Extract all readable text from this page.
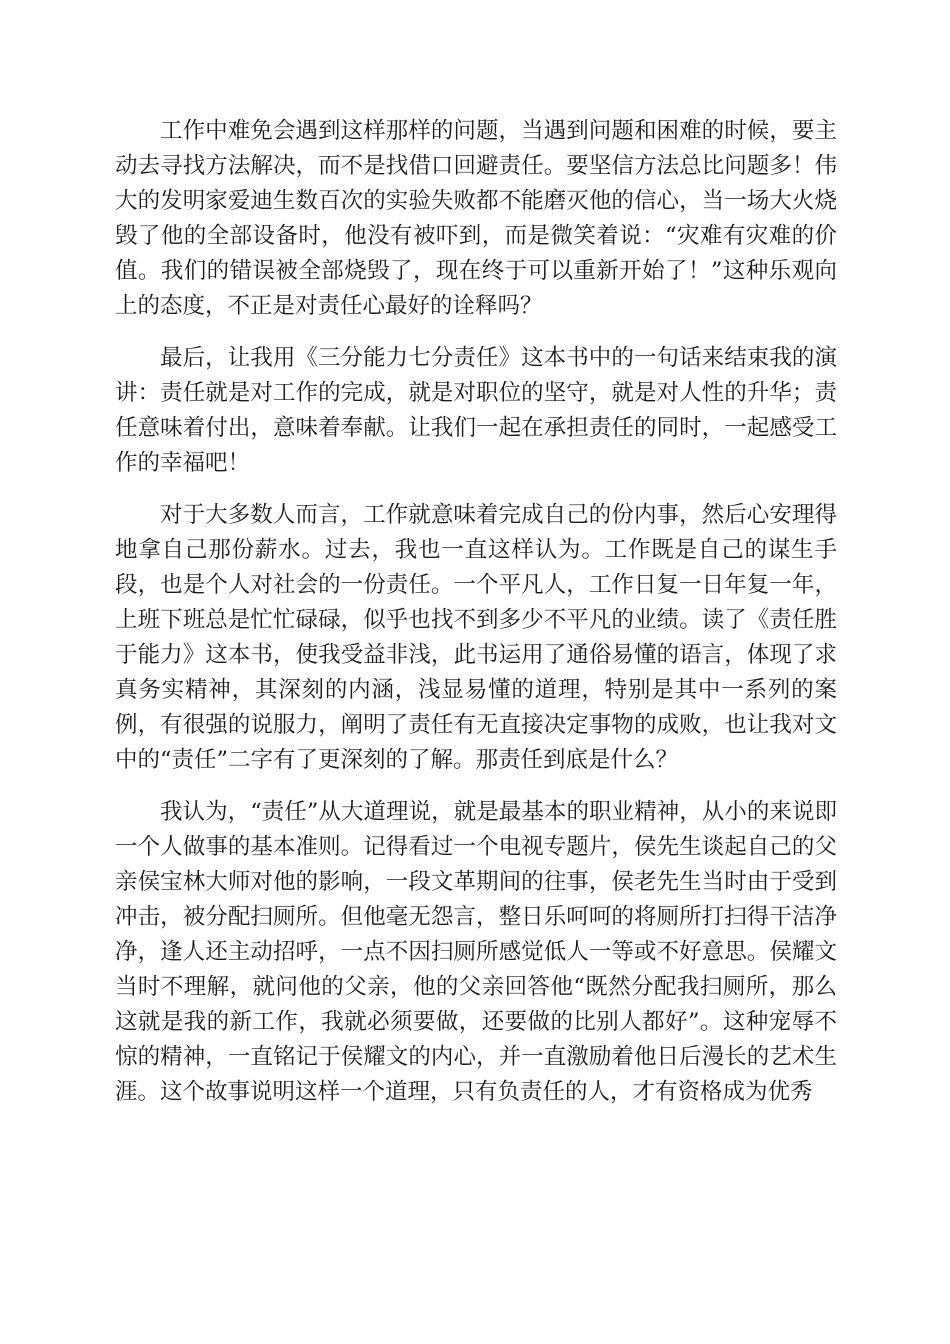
工作中难免会遇到这样那样的问题，当遇到问题和困难的时候，要主动去寻找方法解决，而不是找借口回避责任。要坚信方法总比问题多！伟大的发明家爱迪生数百次的实验失败都不能磨灭他的信心，当一场大火烧毁了他的全部设备时，他没有被吓到，而是微笑着说：“灾难有灾难的价值。我们的错误被全部烧毁了，现在终于可以重新开始了！”这种乐观向上的态度，不正是对责任心最好的诠释吗？

最后，让我用《三分能力七分责任》这本书中的一句话来结束我的演讲：责任就是对工作的完成，就是对职位的坚守，就是对人性的升华；责任意味着付出，意味着奉献。让我们一起在承担责任的同时，一起感受工作的幸福吧！

对于大多数人而言，工作就意味着完成自己的份内事，然后心安理得地拿自己那份薪水。过去，我也一直这样认为。工作既是自己的谋生手段，也是个人对社会的一份责任。一个平凡人，工作日复一日年复一年，上班下班总是忙忙碌碌，似乎也找不到多少不平凡的业绩。读了《责任胜于能力》这本书，使我受益非浅，此书运用了通俗易懂的语言，体现了求真务实精神，其深刻的内涵，浅显易懂的道理，特别是其中一系列的案例，有很强的说服力，阐明了责任有无直接决定事物的成败，也让我对文中的“责任”二字有了更深刻的了解。那责任到底是什么？

我认为，“责任”从大道理说，就是最基本的职业精神，从小的来说即一个人做事的基本准则。记得看过一个电视专题片，侯先生谈起自己的父亲侯宝林大师对他的影响，一段文革期间的往事，侯老先生当时由于受到冲击，被分配扫厕所。但他毫无怨言，整日乐呵呵的将厕所打扫得干洁净净，逢人还主动招呼，一点不因扫厕所感觉低人一等或不好意思。侯耀文当时不理解，就问他的父亲，他的父亲回答他“既然分配我扫厕所，那么这就是我的新工作，我就必须要做，还要做的比别人都好”。这种宠辱不惊的精神，一直铭记于侯耀文的内心，并一直激励着他日后漫长的艺术生涯。这个故事说明这样一个道理，只有负责任的人，才有资格成为优秀
